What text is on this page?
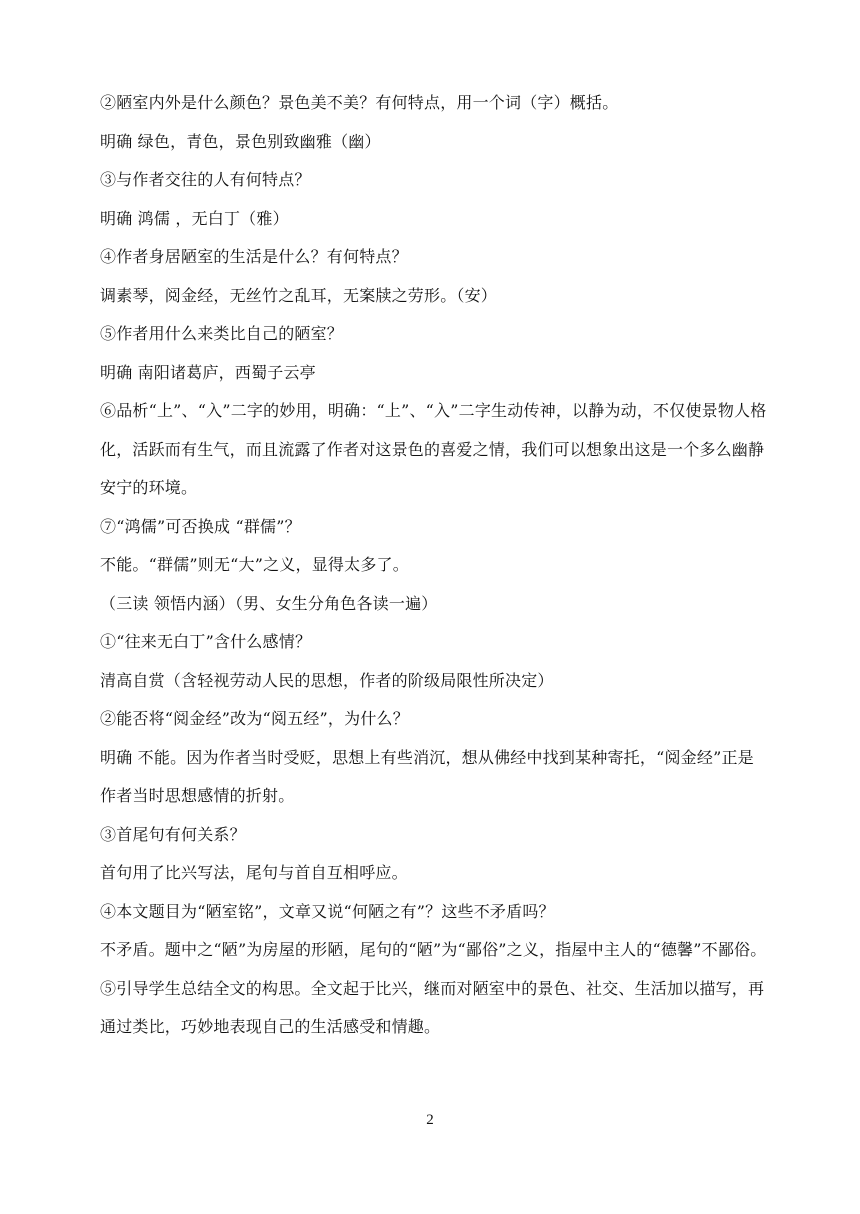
②陋室内外是什么颜色？景色美不美？有何特点，用一个词（字）概括。
明确 绿色，青色，景色别致幽雅（幽）
③与作者交往的人有何特点？
明确 鸿儒 ，无白丁（雅）
④作者身居陋室的生活是什么？有何特点？
调素琴，阅金经，无丝竹之乱耳，无案牍之劳形。（安）
⑤作者用什么来类比自己的陋室？
明确 南阳诸葛庐，西蜀子云亭
⑥品析“上”、“入”二字的妙用，明确：“上”、“入”二字生动传神，以静为动，不仅使景物人格化，活跃而有生气，而且流露了作者对这景色的喜爱之情，我们可以想象出这是一个多么幽静安宁的环境。
⑦“鸿儒”可否换成 “群儒”？
不能。“群儒”则无“大”之义，显得太多了。
（三读 领悟内涵）（男、女生分角色各读一遍）
①“往来无白丁”含什么感情？
清高自赏（含轻视劳动人民的思想，作者的阶级局限性所决定）
②能否将“阅金经”改为“阅五经”，为什么？
明确 不能。因为作者当时受贬，思想上有些消沉，想从佛经中找到某种寄托，“阅金经”正是作者当时思想感情的折射。
③首尾句有何关系？
首句用了比兴写法，尾句与首自互相呼应。
④本文题目为“陋室铭”，文章又说“何陋之有”？这些不矛盾吗？
不矛盾。题中之“陋”为房屋的形陋，尾句的“陋”为“鄙俗”之义，指屋中主人的“德馨”不鄙俗。
⑤引导学生总结全文的构思。全文起于比兴，继而对陋室中的景色、社交、生活加以描写，再通过类比，巧妙地表现自己的生活感受和情趣。
2
